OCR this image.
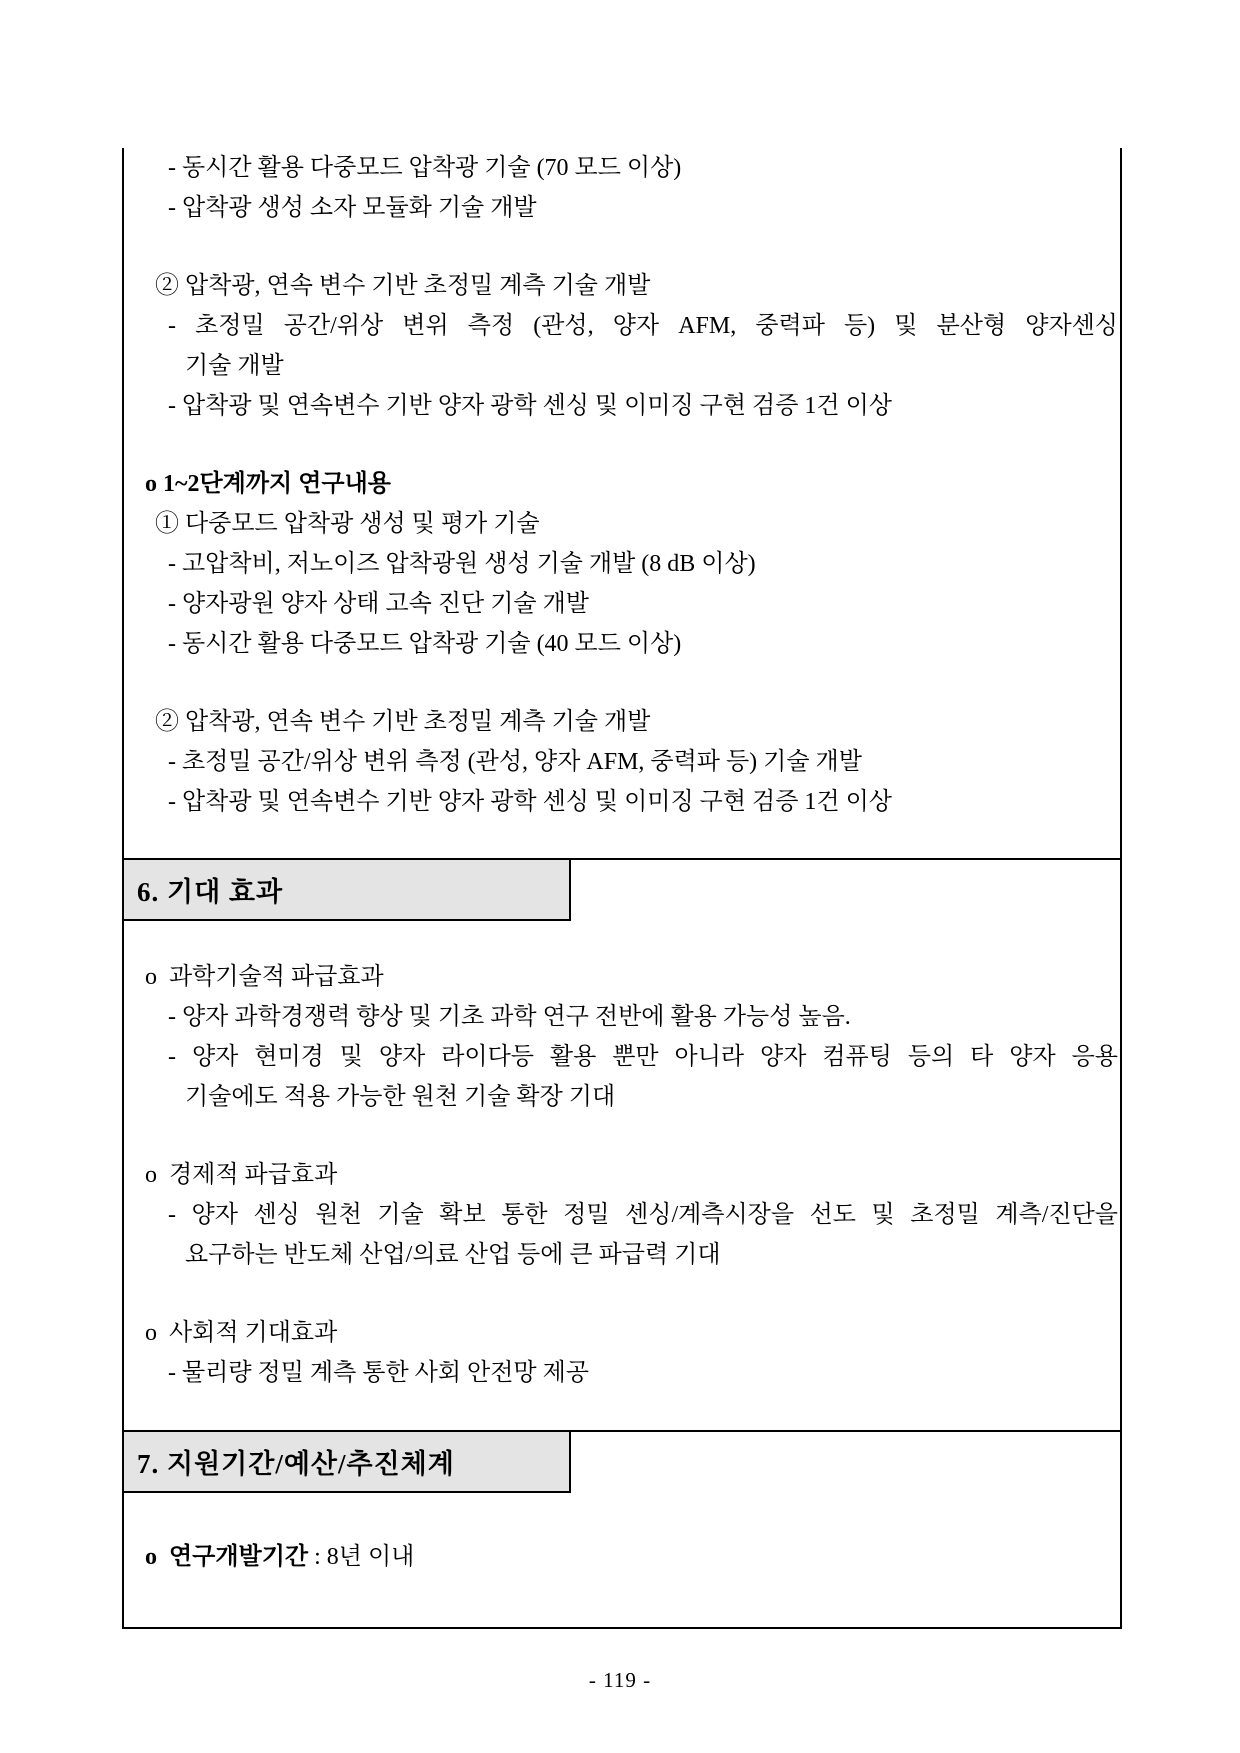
- 동시간 활용 다중모드 압착광 기술 (70 모드 이상)
- 압착광 생성 소자 모듈화 기술 개발
② 압착광, 연속 변수 기반 초정밀 계측 기술 개발
- 초정밀 공간/위상 변위 측정 (관성, 양자 AFM, 중력파 등) 및 분산형 양자센싱
기술 개발
- 압착광 및 연속변수 기반 양자 광학 센싱 및 이미징 구현 검증 1건 이상
o 1~2단계까지 연구내용
① 다중모드 압착광 생성 및 평가 기술
- 고압착비, 저노이즈 압착광원 생성 기술 개발 (8 dB 이상)
- 양자광원 양자 상태 고속 진단 기술 개발
- 동시간 활용 다중모드 압착광 기술 (40 모드 이상)
② 압착광, 연속 변수 기반 초정밀 계측 기술 개발
- 초정밀 공간/위상 변위 측정 (관성, 양자 AFM, 중력파 등) 기술 개발
- 압착광 및 연속변수 기반 양자 광학 센싱 및 이미징 구현 검증 1건 이상
6. 기대 효과
o  과학기술적 파급효과
- 양자 과학경쟁력 향상 및 기초 과학 연구 전반에 활용 가능성 높음.
- 양자 현미경 및 양자 라이다등 활용 뿐만 아니라 양자 컴퓨팅 등의 타 양자 응용
기술에도 적용 가능한 원천 기술 확장 기대
o  경제적 파급효과
- 양자 센싱 원천 기술 확보 통한 정밀 센싱/계측시장을 선도 및 초정밀 계측/진단을
요구하는 반도체 산업/의료 산업 등에 큰 파급력 기대
o  사회적 기대효과
- 물리량 정밀 계측 통한 사회 안전망 제공
7. 지원기간/예산/추진체계
o  연구개발기간 : 8년 이내
- 119 -
